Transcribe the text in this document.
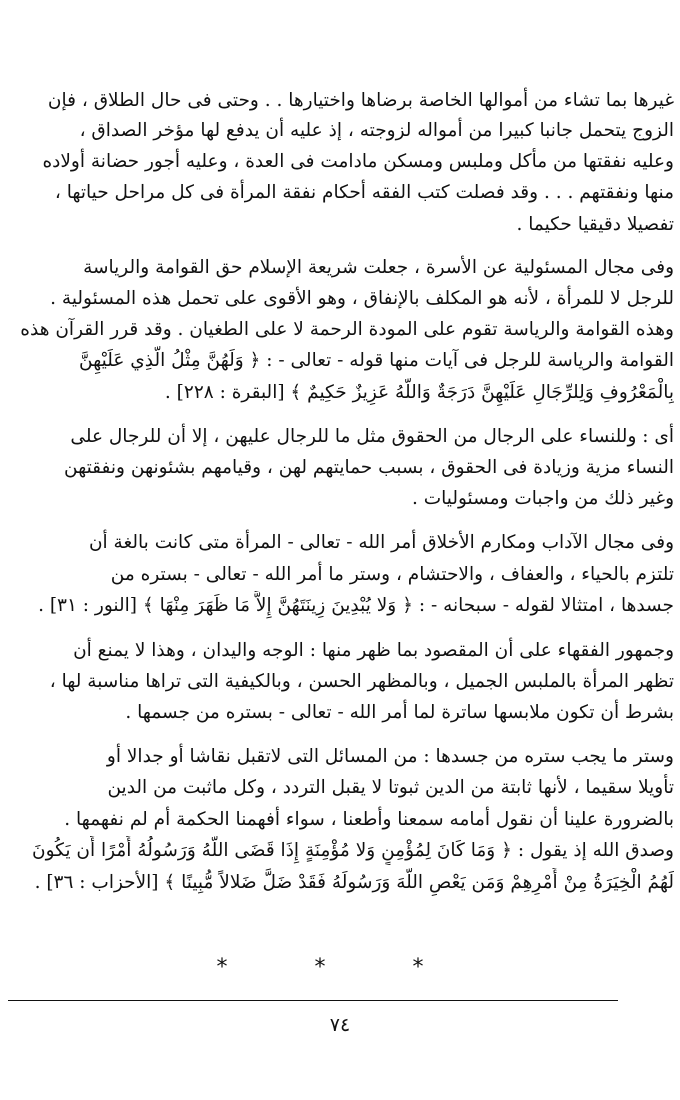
غيرها بما تشاء من أموالها الخاصة برضاها واختيارها . . وحتى فى حال الطلاق ، فإن
الزوج يتحمل جانبا كبيرا من أمواله لزوجته ، إذ عليه أن يدفع لها مؤخر الصداق ،
وعليه نفقتها من مأكل وملبس ومسكن مادامت فى العدة ، وعليه أجور حضانة أولاده
منها ونفقتهم . . . وقد فصلت كتب الفقه أحكام نفقة المرأة فى كل مراحل حياتها ،
تفصيلا دقيقيا حكيما .
وفى مجال المسئولية عن الأسرة ، جعلت شريعة الإسلام حق القوامة والرياسة
للرجل لا للمرأة ، لأنه هو المكلف بالإنفاق ، وهو الأقوى على تحمل هذه المسئولية .
وهذه القوامة والرياسة تقوم على المودة الرحمة لا على الطغيان . وقد قرر القرآن هذه
القوامة والرياسة للرجل فى آيات منها قوله - تعالى - : ﴿ وَلَهُنَّ مِثْلُ الَّذِي عَلَيْهِنَّ
بِالْمَعْرُوفِ وَلِلرِّجَالِ عَلَيْهِنَّ دَرَجَةٌ وَاللَّهُ عَزِيزٌ حَكِيمٌ ﴾ [البقرة : ٢٢٨] .
أى : وللنساء على الرجال من الحقوق مثل ما للرجال عليهن ، إلا أن للرجال على
النساء مزية وزيادة فى الحقوق ، بسبب حمايتهم لهن ، وقيامهم بشئونهن ونفقتهن
وغير ذلك من واجبات ومسئوليات .
وفى مجال الآداب ومكارم الأخلاق أمر الله - تعالى - المرأة متى كانت بالغة أن
تلتزم بالحياء ، والعفاف ، والاحتشام ، وستر ما أمر الله - تعالى - بستره من
جسدها ، امتثالا لقوله - سبحانه - : ﴿ وَلا يُبْدِينَ زِينَتَهُنَّ إِلاَّ مَا ظَهَرَ مِنْهَا ﴾ [النور : ٣١] .
وجمهور الفقهاء على أن المقصود بما ظهر منها : الوجه واليدان ، وهذا لا يمنع أن
تظهر المرأة بالملبس الجميل ، وبالمظهر الحسن ، وبالكيفية التى تراها مناسبة لها ،
بشرط أن تكون ملابسها ساترة لما أمر الله - تعالى - بستره من جسمها .
وستر ما يجب ستره من جسدها : من المسائل التى لاتقبل نقاشا أو جدالا أو
تأويلا سقيما ، لأنها ثابتة من الدين ثبوتا لا يقبل التردد ، وكل ماثبت من الدين
بالضرورة علينا أن نقول أمامه سمعنا وأطعنا ، سواء أفهمنا الحكمة أم لم نفهمها .
وصدق الله إذ يقول : ﴿ وَمَا كَانَ لِمُؤْمِنٍ وَلا مُؤْمِنَةٍ إِذَا قَضَى اللَّهُ وَرَسُولُهُ أَمْرًا أَن يَكُونَ
لَهُمُ الْخِيَرَةُ مِنْ أَمْرِهِمْ وَمَن يَعْصِ اللَّهَ وَرَسُولَهُ فَقَدْ ضَلَّ ضَلالاً مُّبِينًا ﴾ [الأحزاب : ٣٦] .
* * *
٧٤
